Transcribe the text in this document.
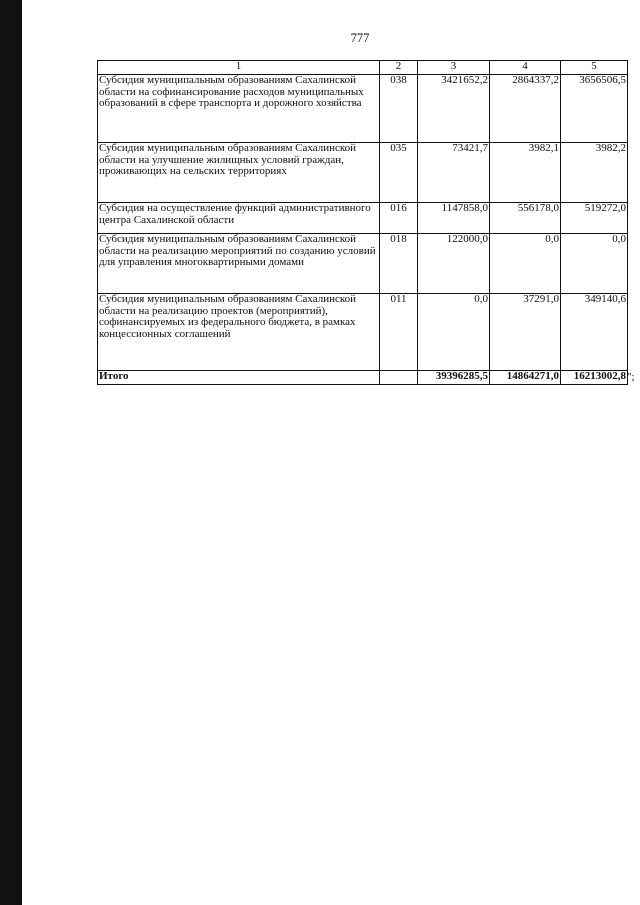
777
1	2	3	4	5
Субсидия муниципальным образованиям Сахалинской области на софинансирование расходов муниципальных образований в сфере транспорта и дорожного хозяйства	038	3421652,2	2864337,2	3656506,5
Субсидия муниципальным образованиям Сахалинской области на улучшение жилищных условий граждан, проживающих на сельских территориях	035	73421,7	3982,1	3982,2
Субсидия на осуществление функций административного центра Сахалинской области	016	1147858,0	556178,0	519272,0
Субсидия муниципальным образованиям Сахалинской области на реализацию мероприятий по созданию условий для управления многоквартирными домами	018	122000,0	0,0	0,0
Субсидия муниципальным образованиям Сахалинской области на реализацию проектов (мероприятий), софинансируемых из федерального бюджета, в рамках концессионных соглашений	011	0,0	37291,0	349140,6
Итого		39396285,5	14864271,0	16213002,8 ";
